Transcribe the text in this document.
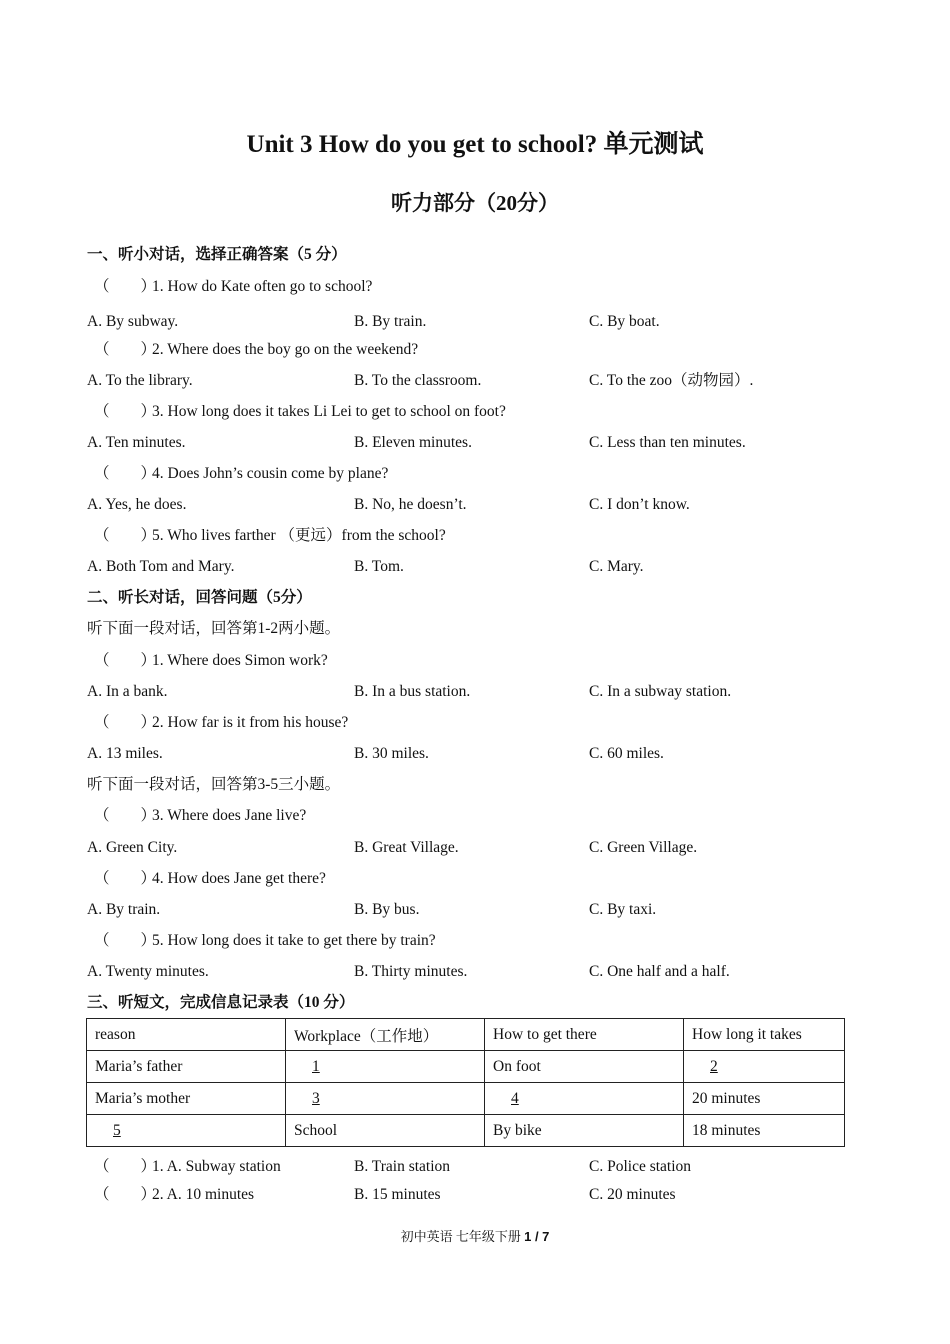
Unit 3 How do you get to school? 单元测试
听力部分（20分）
一、听小对话，选择正确答案（5 分）
（　　）1. How do Kate often go to school?
A. By subway.	B. By train.	C. By boat.
（　　）2. Where does the boy go on the weekend?
A. To the library.	B. To the classroom.	C. To the zoo（动物园）.
（　　）3. How long does it takes Li Lei to get to school on foot?
A. Ten minutes.	B. Eleven minutes.	C. Less than ten minutes.
（　　）4. Does John’s cousin come by plane?
A. Yes, he does.	B. No, he doesn’t.	C. I don’t know.
（　　）5. Who lives farther （更远）from the school?
A. Both Tom and Mary.	B. Tom.	C. Mary.
二、听长对话，回答问题（5分）
听下面一段对话，回答第1-2两小题。
（　　）1. Where does Simon work?
A. In a bank.	B. In a bus station.	C. In a subway station.
（　　）2. How far is it from his house?
A. 13 miles.	B. 30 miles.	C. 60 miles.
听下面一段对话，回答第3-5三小题。
（　　）3. Where does Jane live?
A. Green City.	B. Great Village.	C. Green Village.
（　　）4. How does Jane get there?
A. By train.	B. By bus.	C. By taxi.
（　　）5. How long does it take to get there by train?
A. Twenty minutes.	B. Thirty minutes.	C. One half and a half.
三、听短文，完成信息记录表（10 分）
reason	Workplace（工作地）	How to get there	How long it takes
Maria’s father	1	On foot	2
Maria’s mother	3	4	20 minutes
5	School	By bike	18 minutes
（　　）1. A. Subway station	B. Train station	C. Police station
（　　）2. A. 10 minutes	B. 15 minutes	C. 20 minutes
初中英语 七年级下册 1 / 7
